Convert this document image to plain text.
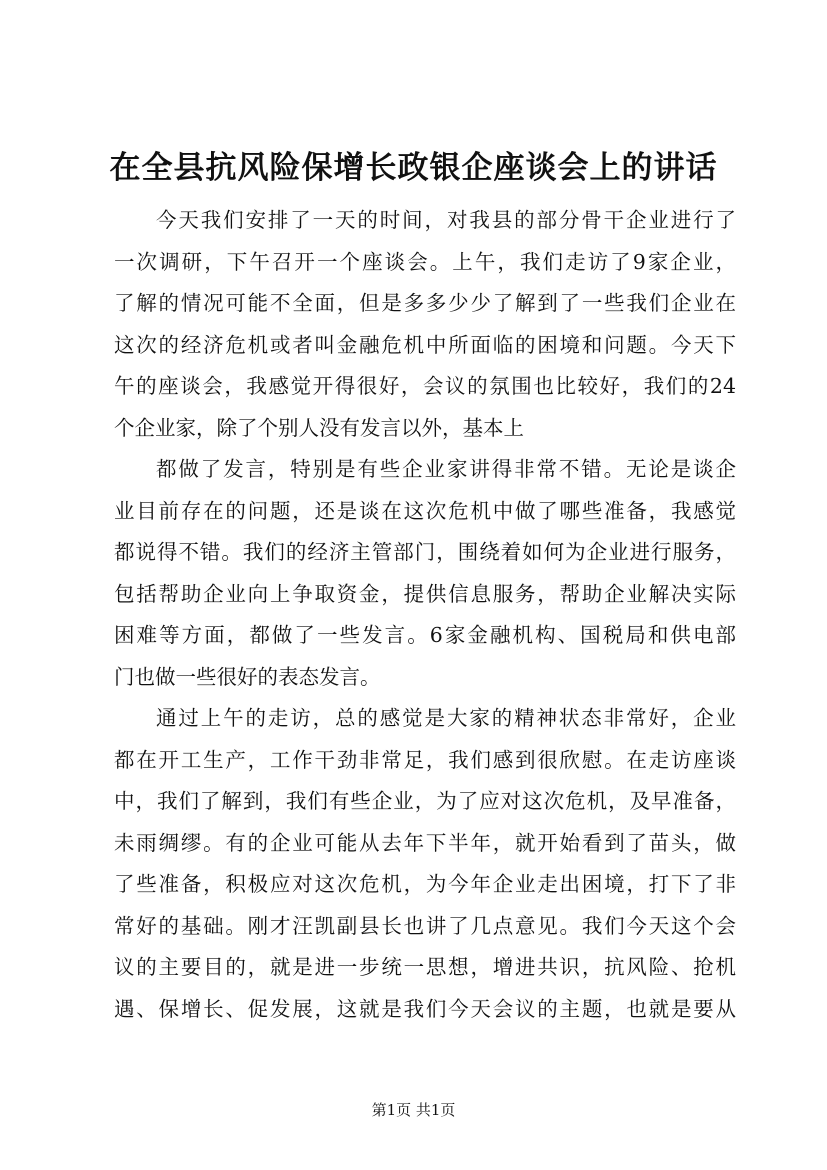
在全县抗风险保增长政银企座谈会上的讲话

今天我们安排了一天的时间，对我县的部分骨干企业进行了
一次调研，下午召开一个座谈会。上午，我们走访了9家企业，
了解的情况可能不全面，但是多多少少了解到了一些我们企业在
这次的经济危机或者叫金融危机中所面临的困境和问题。今天下
午的座谈会，我感觉开得很好，会议的氛围也比较好，我们的24
个企业家，除了个别人没有发言以外，基本上

都做了发言，特别是有些企业家讲得非常不错。无论是谈企
业目前存在的问题，还是谈在这次危机中做了哪些准备，我感觉
都说得不错。我们的经济主管部门，围绕着如何为企业进行服务，
包括帮助企业向上争取资金，提供信息服务，帮助企业解决实际
困难等方面，都做了一些发言。6家金融机构、国税局和供电部
门也做一些很好的表态发言。

通过上午的走访，总的感觉是大家的精神状态非常好，企业
都在开工生产，工作干劲非常足，我们感到很欣慰。在走访座谈
中，我们了解到，我们有些企业，为了应对这次危机，及早准备，
未雨绸缪。有的企业可能从去年下半年，就开始看到了苗头，做
了些准备，积极应对这次危机，为今年企业走出困境，打下了非
常好的基础。刚才汪凯副县长也讲了几点意见。我们今天这个会
议的主要目的，就是进一步统一思想，增进共识，抗风险、抢机
遇、保增长、促发展，这就是我们今天会议的主题，也就是要从

第1页 共1页
